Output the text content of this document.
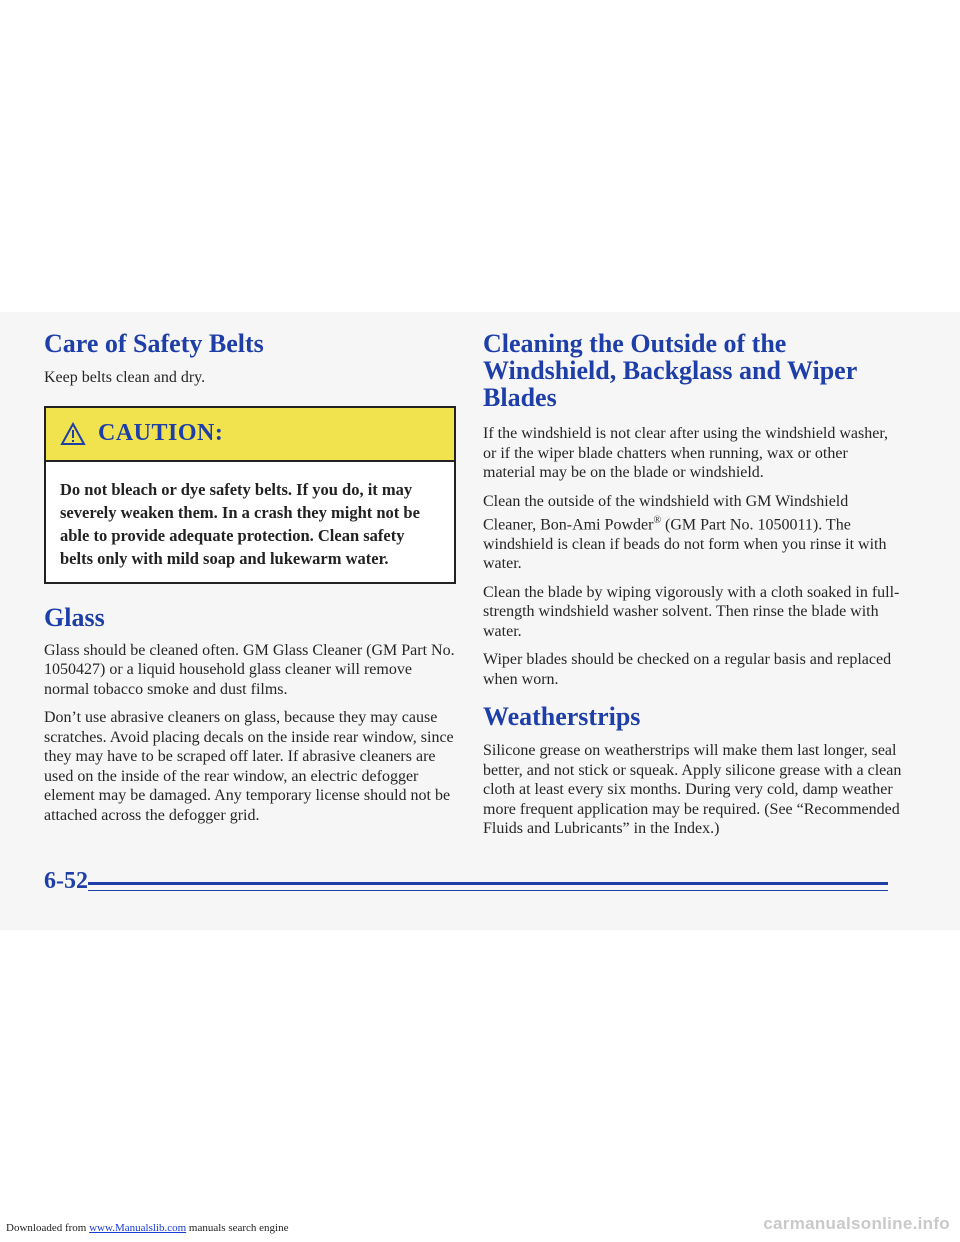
Care of Safety Belts

Keep belts clean and dry.

CAUTION:
Do not bleach or dye safety belts. If you do, it may severely weaken them. In a crash they might not be able to provide adequate protection. Clean safety belts only with mild soap and lukewarm water.
Glass

Glass should be cleaned often. GM Glass Cleaner (GM Part No. 1050427) or a liquid household glass cleaner will remove normal tobacco smoke and dust films.

Don’t use abrasive cleaners on glass, because they may cause scratches. Avoid placing decals on the inside rear window, since they may have to be scraped off later. If abrasive cleaners are used on the inside of the rear window, an electric defogger element may be damaged. Any temporary license should not be attached across the defogger grid.

Cleaning the Outside of the Windshield, Backglass and Wiper Blades

If the windshield is not clear after using the windshield washer, or if the wiper blade chatters when running, wax or other material may be on the blade or windshield.

Clean the outside of the windshield with GM Windshield Cleaner, Bon-Ami Powder® (GM Part No. 1050011). The windshield is clean if beads do not form when you rinse it with water.

Clean the blade by wiping vigorously with a cloth soaked in full-strength windshield washer solvent. Then rinse the blade with water.

Wiper blades should be checked on a regular basis and replaced when worn.

Weatherstrips

Silicone grease on weatherstrips will make them last longer, seal better, and not stick or squeak. Apply silicone grease with a clean cloth at least every six months. During very cold, damp weather more frequent application may be required. (See “Recommended Fluids and Lubricants” in the Index.)

6-52
Downloaded from www.Manualslib.com manuals search engine	carmanualsonline.info
